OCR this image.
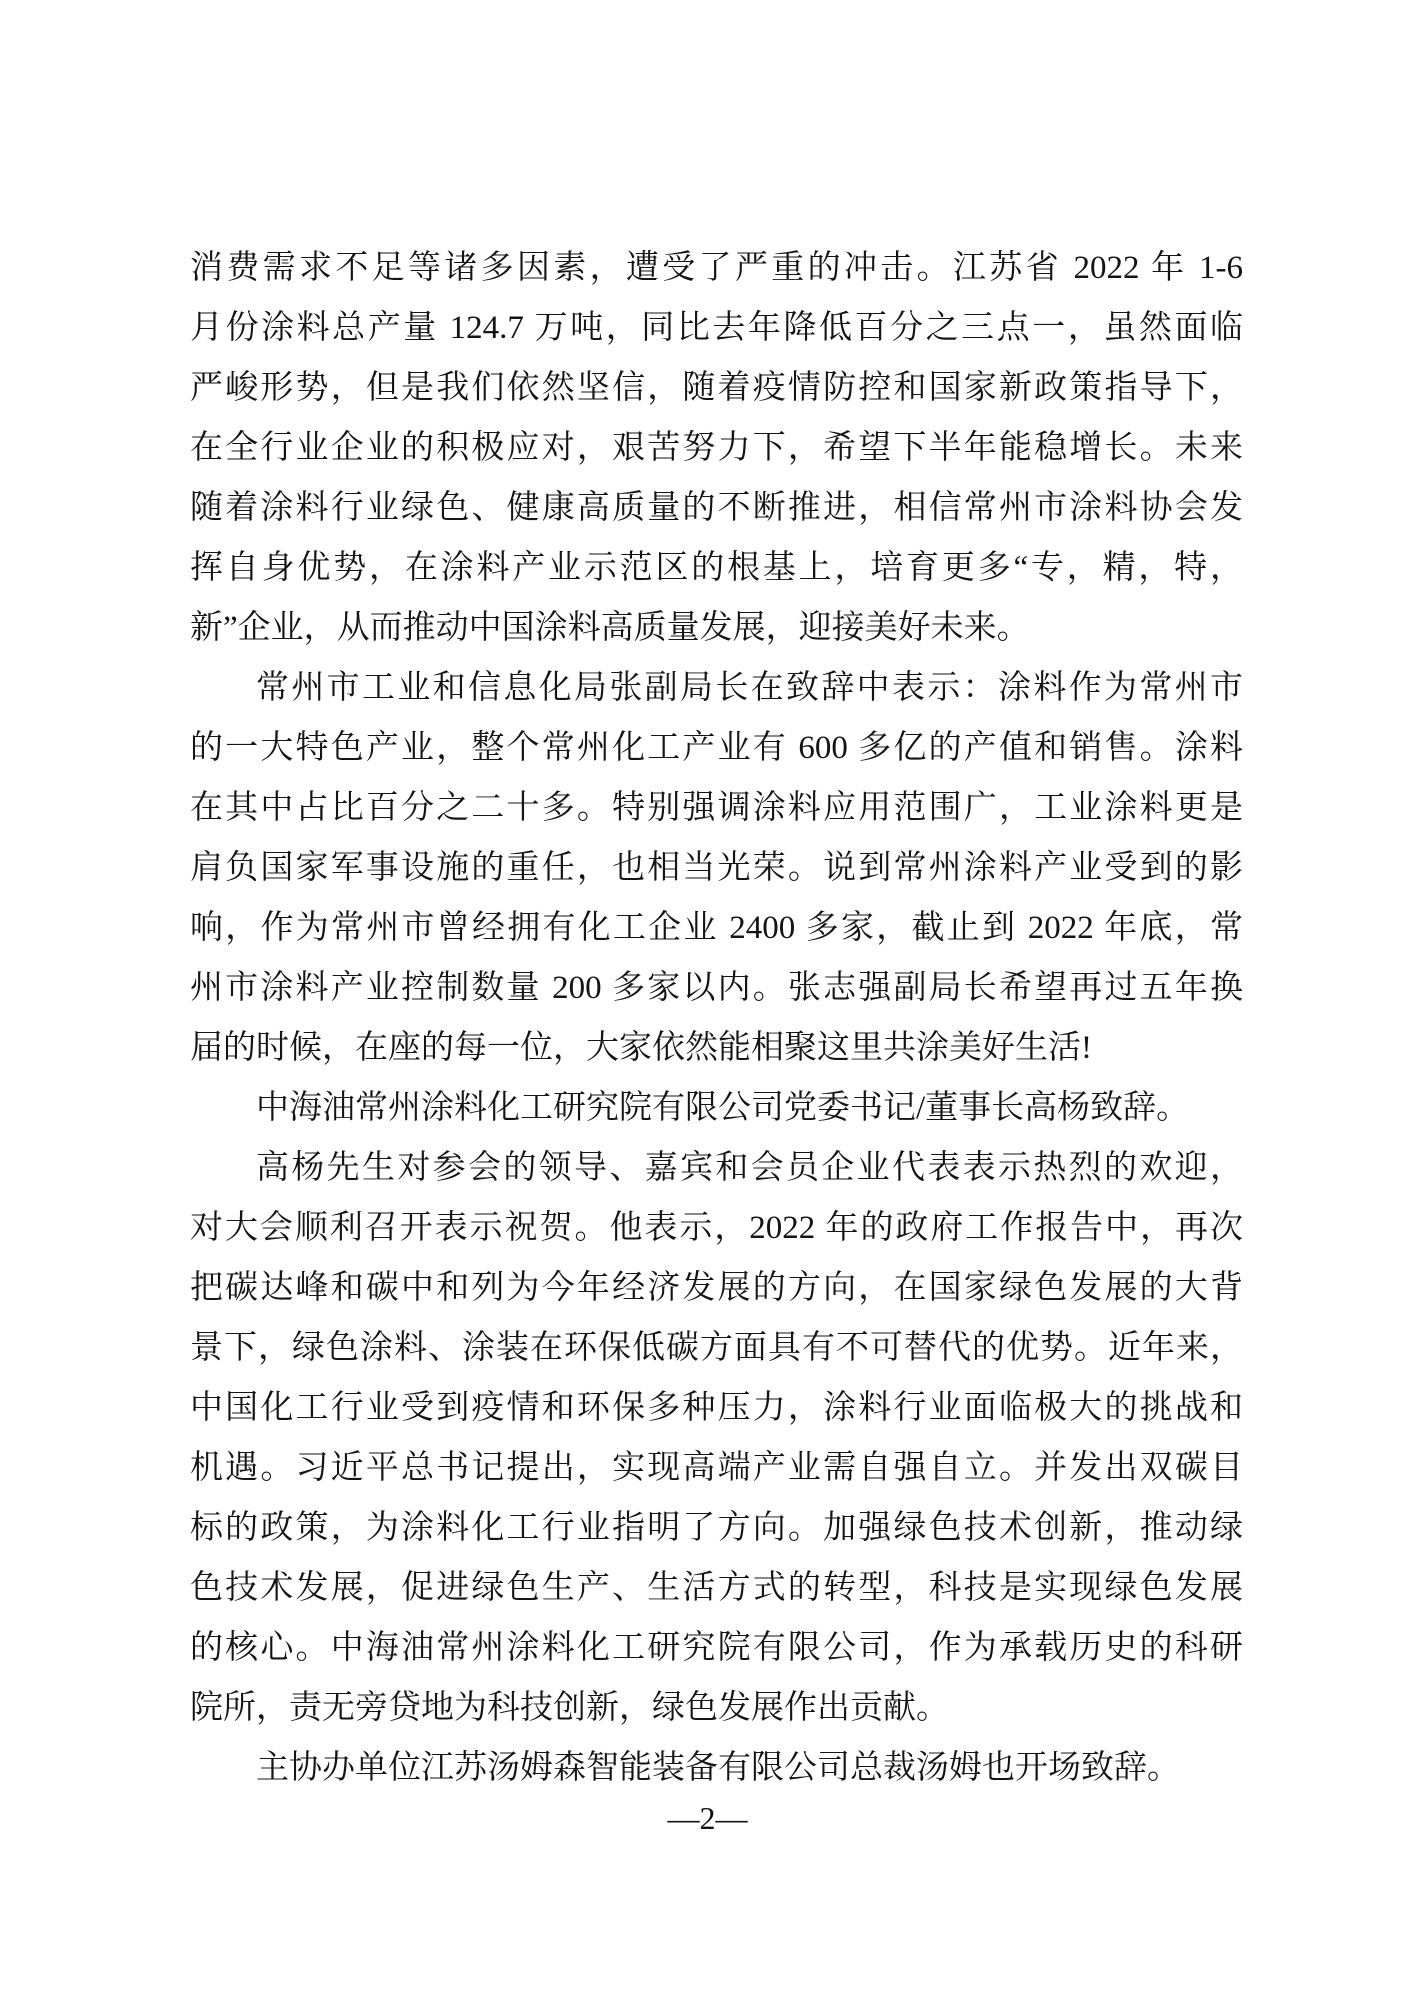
消费需求不足等诸多因素，遭受了严重的冲击。江苏省 2022 年 1-6
月份涂料总产量 124.7 万吨，同比去年降低百分之三点一，虽然面临
严峻形势，但是我们依然坚信，随着疫情防控和国家新政策指导下，
在全行业企业的积极应对，艰苦努力下，希望下半年能稳增长。未来
随着涂料行业绿色、健康高质量的不断推进，相信常州市涂料协会发
挥自身优势，在涂料产业示范区的根基上，培育更多“专，精，特，
新”企业，从而推动中国涂料高质量发展，迎接美好未来。
常州市工业和信息化局张副局长在致辞中表示：涂料作为常州市
的一大特色产业，整个常州化工产业有 600 多亿的产值和销售。涂料
在其中占比百分之二十多。特别强调涂料应用范围广，工业涂料更是
肩负国家军事设施的重任，也相当光荣。说到常州涂料产业受到的影
响，作为常州市曾经拥有化工企业 2400 多家，截止到 2022 年底，常
州市涂料产业控制数量 200 多家以内。张志强副局长希望再过五年换
届的时候，在座的每一位，大家依然能相聚这里共涂美好生活!
中海油常州涂料化工研究院有限公司党委书记/董事长高杨致辞。
高杨先生对参会的领导、嘉宾和会员企业代表表示热烈的欢迎，
对大会顺利召开表示祝贺。他表示，2022 年的政府工作报告中，再次
把碳达峰和碳中和列为今年经济发展的方向，在国家绿色发展的大背
景下，绿色涂料、涂装在环保低碳方面具有不可替代的优势。近年来，
中国化工行业受到疫情和环保多种压力，涂料行业面临极大的挑战和
机遇。习近平总书记提出，实现高端产业需自强自立。并发出双碳目
标的政策，为涂料化工行业指明了方向。加强绿色技术创新，推动绿
色技术发展，促进绿色生产、生活方式的转型，科技是实现绿色发展
的核心。中海油常州涂料化工研究院有限公司，作为承载历史的科研
院所，责无旁贷地为科技创新，绿色发展作出贡献。
主协办单位江苏汤姆森智能装备有限公司总裁汤姆也开场致辞。
—2—
